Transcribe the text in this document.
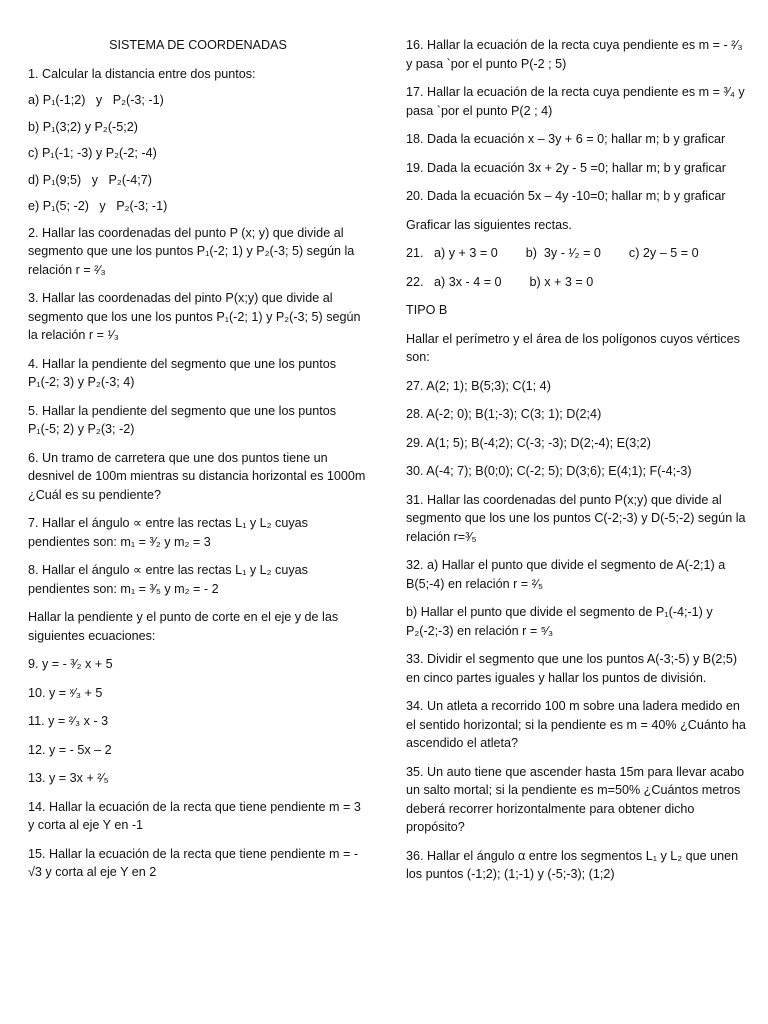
SISTEMA DE COORDENADAS
1. Calcular la distancia entre dos puntos:
a) P₁(-1;2)   y   P₂(-3; -1)
b) P₁(3;2) y P₂(-5;2)
c) P₁(-1; -3) y P₂(-2; -4)
d) P₁(9;5)   y   P₂(-4;7)
e) P₁(5; -2)   y   P₂(-3; -1)
2. Hallar las coordenadas del punto P (x; y) que divide al segmento que une los puntos P₁(-2; 1) y P₂(-3; 5) según la relación r = ²⁄₃
3. Hallar las coordenadas del pinto P(x;y) que divide al segmento que los une los puntos P₁(-2; 1) y P₂(-3; 5) según la relación r = ¹⁄₃
4. Hallar la pendiente del segmento que une los puntos P₁(-2; 3) y P₂(-3; 4)
5. Hallar la pendiente del segmento que une los puntos P₁(-5; 2) y P₂(3; -2)
6. Un tramo de carretera que une dos puntos tiene un desnivel de 100m mientras su distancia horizontal es 1000m ¿Cuál es su pendiente?
7. Hallar el ángulo ∝ entre las rectas L₁ y L₂ cuyas pendientes son: m₁ = ³⁄₂ y m₂ = 3
8. Hallar el ángulo ∝ entre las rectas L₁ y L₂ cuyas pendientes son: m₁ = ³⁄₅ y m₂ = - 2
Hallar la pendiente y el punto de corte en el eje y de las siguientes ecuaciones:
9. y = - ³⁄₂ x + 5
10. y = ˣ⁄₃ + 5
11. y = ²⁄₃ x - 3
12. y = - 5x – 2
13. y = 3x + ²⁄₅
14. Hallar la ecuación de la recta que tiene pendiente m = 3 y corta al eje Y en -1
15. Hallar la ecuación de la recta que tiene pendiente m = - √3 y corta al eje Y en 2
16. Hallar la ecuación de la recta cuya pendiente es m = - ²⁄₃ y pasa `por el punto P(-2 ; 5)
17. Hallar la ecuación de la recta cuya pendiente es m = ³⁄₄ y pasa `por el punto P(2 ; 4)
18. Dada la ecuación x – 3y + 6 = 0; hallar m; b y graficar
19. Dada la ecuación 3x + 2y - 5 =0; hallar m; b y graficar
20. Dada la ecuación 5x – 4y -10=0; hallar m; b y graficar
Graficar las siguientes rectas.
21.   a) y + 3 = 0        b)  3y - ¹⁄₂ = 0        c) 2y – 5 = 0
22.   a) 3x - 4 = 0        b) x + 3 = 0
TIPO B
Hallar el perímetro y el área de los polígonos cuyos vértices son:
27. A(2; 1); B(5;3); C(1; 4)
28. A(-2; 0); B(1;-3); C(3; 1); D(2;4)
29. A(1; 5); B(-4;2); C(-3; -3); D(2;-4); E(3;2)
30. A(-4; 7); B(0;0); C(-2; 5); D(3;6); E(4;1); F(-4;-3)
31. Hallar las coordenadas del punto P(x;y) que divide al segmento que los une los puntos C(-2;-3) y D(-5;-2) según la relación r=³⁄₅
32. a) Hallar el punto que divide el segmento de A(-2;1) a B(5;-4) en relación r = ²⁄₅
b) Hallar el punto que divide el segmento de P₁(-4;-1) y P₂(-2;-3) en relación r = ⁵⁄₃
33. Dividir el segmento que une los puntos A(-3;-5) y B(2;5) en cinco partes iguales y hallar los puntos de división.
34. Un atleta a recorrido 100 m sobre una ladera medido en el sentido horizontal; si la pendiente es m = 40% ¿Cuánto ha ascendido el atleta?
35. Un auto tiene que ascender hasta 15m para llevar acabo un salto mortal; si la pendiente es m=50% ¿Cuántos metros deberá recorrer horizontalmente para obtener dicho propósito?
36. Hallar el ángulo α entre los segmentos L₁ y L₂ que unen los puntos (-1;2); (1;-1) y (-5;-3); (1;2)
